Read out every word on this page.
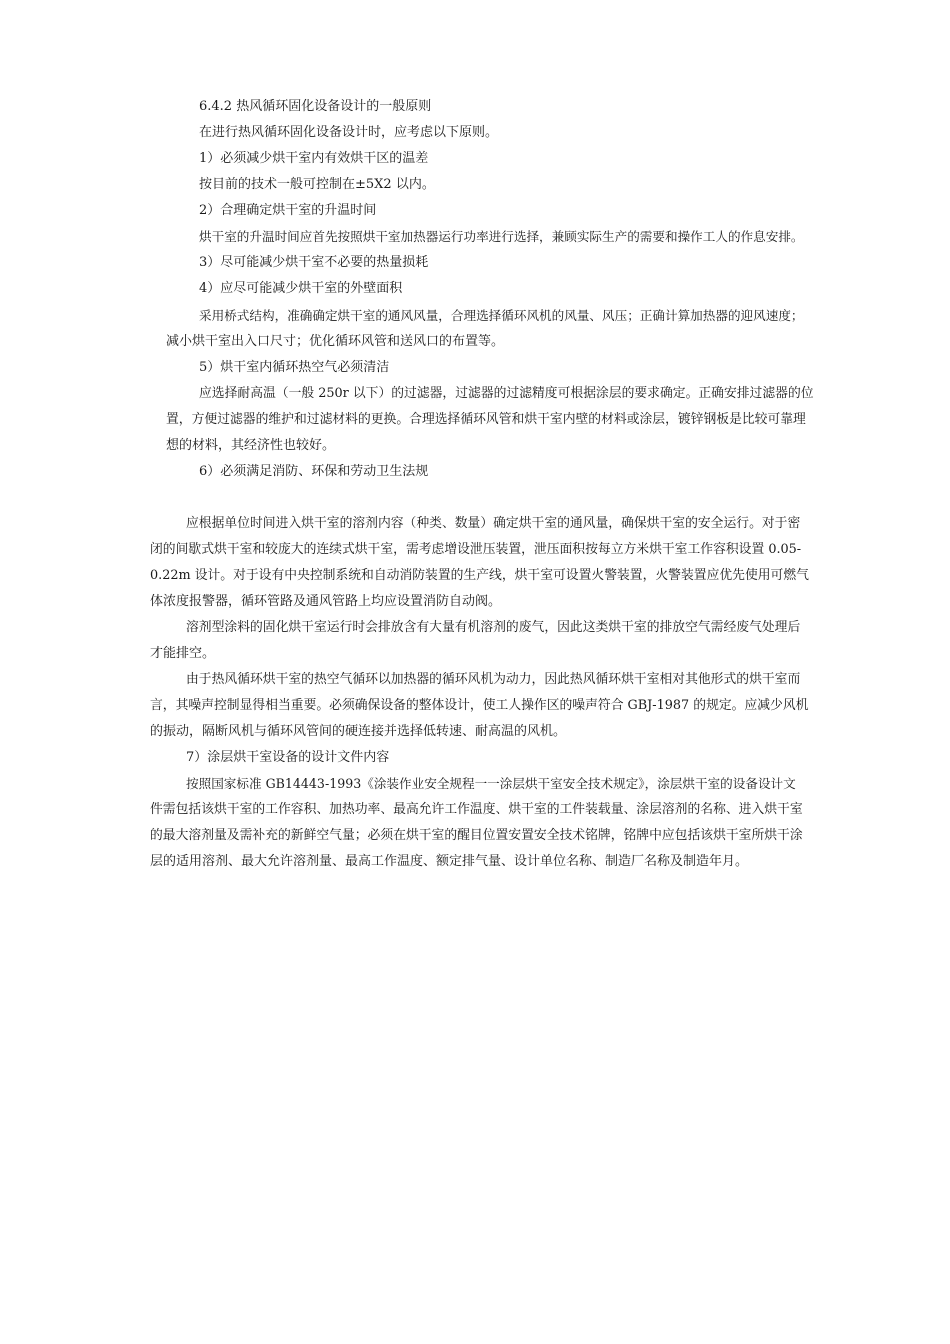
6.4.2 热风循环固化设备设计的一般原则
在进行热风循环固化设备设计时，应考虑以下原则。
1）必须减少烘干室内有效烘干区的温差
按目前的技术一般可控制在±5X2 以内。
2）合理确定烘干室的升温时间
烘干室的升温时间应首先按照烘干室加热器运行功率进行选择，兼顾实际生产的需要和操作工人的作息安排。
3）尽可能减少烘干室不必要的热量损耗
4）应尽可能减少烘干室的外壁面积
采用桥式结构，准确确定烘干室的通风风量，合理选择循环风机的风量、风压；正确计算加热器的迎风速度；
减小烘干室出入口尺寸；优化循环风管和送风口的布置等。
5）烘干室内循环热空气必须清洁
应选择耐高温（一般 250r 以下）的过滤器，过滤器的过滤精度可根据涂层的要求确定。正确安排过滤器的位
置，方便过滤器的维护和过滤材料的更换。合理选择循环风管和烘干室内壁的材料或涂层，镀锌钢板是比较可靠理
想的材料，其经济性也较好。
6）必须满足消防、环保和劳动卫生法规
应根据单位时间进入烘干室的溶剂内容（种类、数量）确定烘干室的通风量，确保烘干室的安全运行。对于密
闭的间歇式烘干室和较庞大的连续式烘干室，需考虑增设泄压装置，泄压面积按每立方米烘干室工作容积设置 0.05-
0.22m 设计。对于设有中央控制系统和自动消防装置的生产线，烘干室可设置火警装置，火警装置应优先使用可燃气
体浓度报警器，循环管路及通风管路上均应设置消防自动阀。
溶剂型涂料的固化烘干室运行时会排放含有大量有机溶剂的废气，因此这类烘干室的排放空气需经废气处理后
才能排空。
由于热风循环烘干室的热空气循环以加热器的循环风机为动力，因此热风循环烘干室相对其他形式的烘干室而
言，其噪声控制显得相当重要。必须确保设备的整体设计，使工人操作区的噪声符合 GBJ-1987 的规定。应减少风机
的振动，隔断风机与循环风管间的硬连接并选择低转速、耐高温的风机。
7）涂层烘干室设备的设计文件内容
按照国家标准 GB14443-1993《涂装作业安全规程一一涂层烘干室安全技术规定》，涂层烘干室的设备设计文
件需包括该烘干室的工作容积、加热功率、最高允许工作温度、烘干室的工件装载量、涂层溶剂的名称、进入烘干室
的最大溶剂量及需补充的新鲜空气量；必须在烘干室的醒目位置安置安全技术铭牌，铭牌中应包括该烘干室所烘干涂
层的适用溶剂、最大允许溶剂量、最高工作温度、额定排气量、设计单位名称、制造厂名称及制造年月。
